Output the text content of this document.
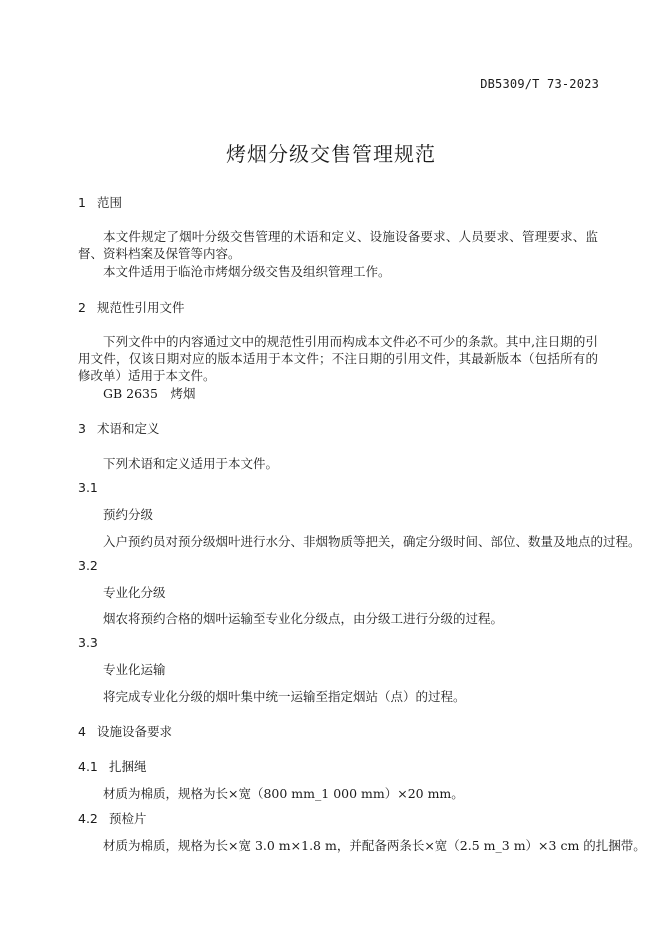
DB5309/T 73-2023
烤烟分级交售管理规范
1 范围
本文件规定了烟叶分级交售管理的术语和定义、设施设备要求、人员要求、管理要求、监督、资料档案及保管等内容。
本文件适用于临沧市烤烟分级交售及组织管理工作。
2 规范性引用文件
下列文件中的内容通过文中的规范性引用而构成本文件必不可少的条款。其中,注日期的引用文件，仅该日期对应的版本适用于本文件；不注日期的引用文件，其最新版本（包括所有的修改单）适用于本文件。
GB 2635　烤烟
3 术语和定义
下列术语和定义适用于本文件。
3.1
预约分级
入户预约员对预分级烟叶进行水分、非烟物质等把关，确定分级时间、部位、数量及地点的过程。
3.2
专业化分级
烟农将预约合格的烟叶运输至专业化分级点，由分级工进行分级的过程。
3.3
专业化运输
将完成专业化分级的烟叶集中统一运输至指定烟站（点）的过程。
4 设施设备要求
4.1 扎捆绳
材质为棉质，规格为长×宽（800 mm_1 000 mm）×20 mm。
4.2 预检片
材质为棉质，规格为长×宽 3.0 m×1.8 m，并配备两条长×宽（2.5 m_3 m）×3 cm 的扎捆带。
